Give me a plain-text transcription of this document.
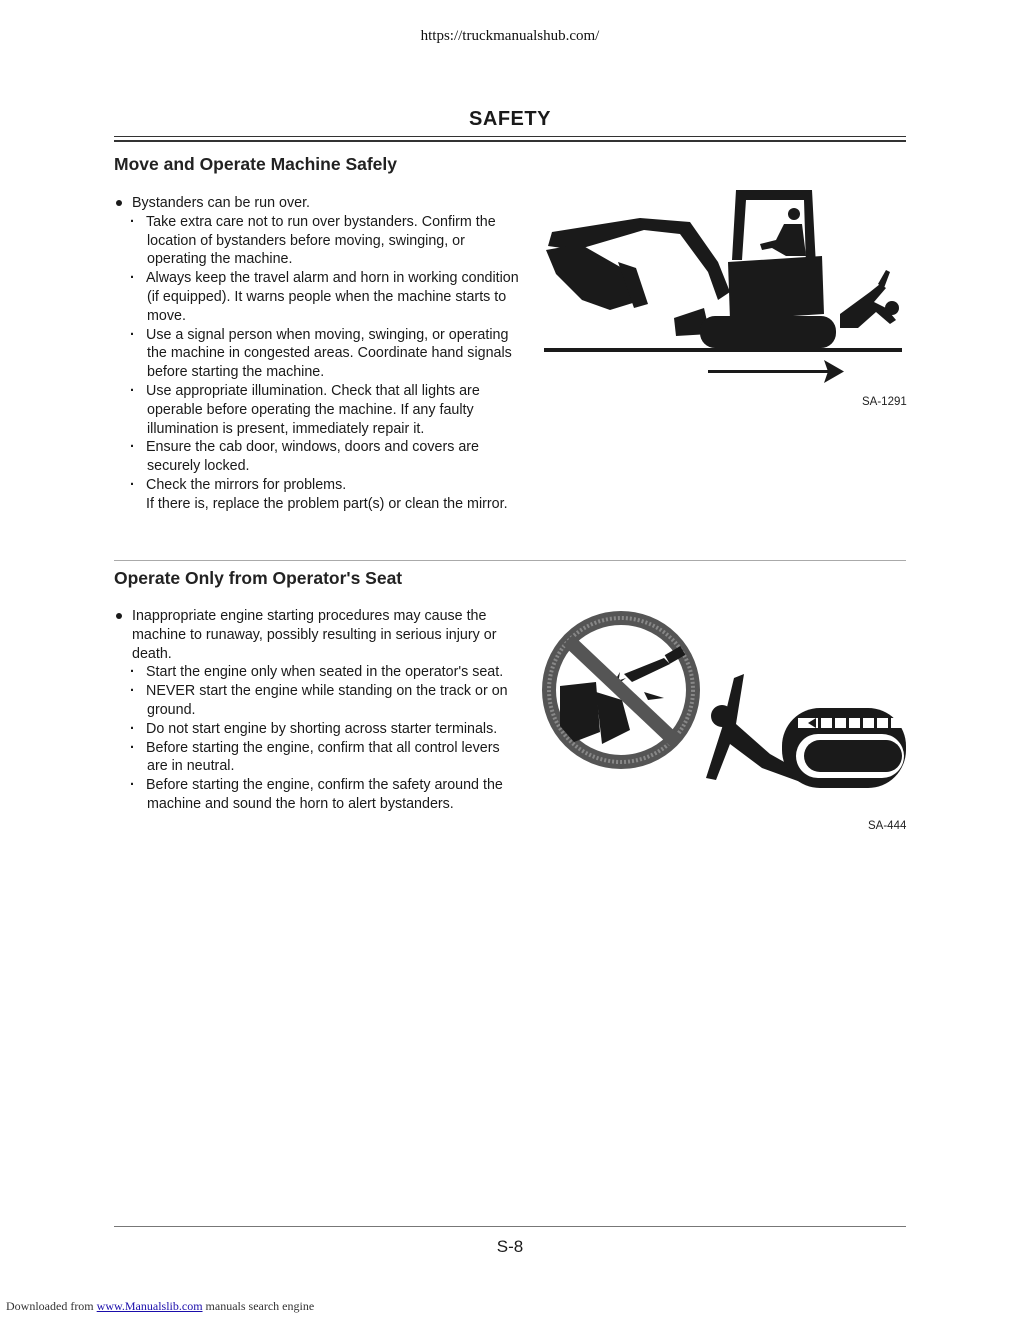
https://truckmanualshub.com/
SAFETY
Move and Operate Machine Safely
Bystanders can be run over.
· Take extra care not to run over bystanders. Confirm the location of bystanders before moving, swinging, or operating the machine.
· Always keep the travel alarm and horn in working condition (if equipped). It warns people when the machine starts to move.
· Use a signal person when moving, swinging, or operating the machine in congested areas. Coordinate hand signals before starting the machine.
· Use appropriate illumination. Check that all lights are operable before operating the machine. If any faulty illumination is present, immediately repair it.
· Ensure the cab door, windows, doors and covers are securely locked.
· Check the mirrors for problems.
If there is, replace the problem part(s) or clean the mirror.
SA-1291
Operate Only from Operator's Seat
Inappropriate engine starting procedures may cause the machine to runaway, possibly resulting in serious injury or death.
· Start the engine only when seated in the operator's seat.
· NEVER start the engine while standing on the track or on ground.
· Do not start engine by shorting across starter terminals.
· Before starting the engine, confirm that all control levers are in neutral.
· Before starting the engine, confirm the safety around the machine and sound the horn to alert bystanders.
SA-444
S-8
Downloaded from www.Manualslib.com manuals search engine
